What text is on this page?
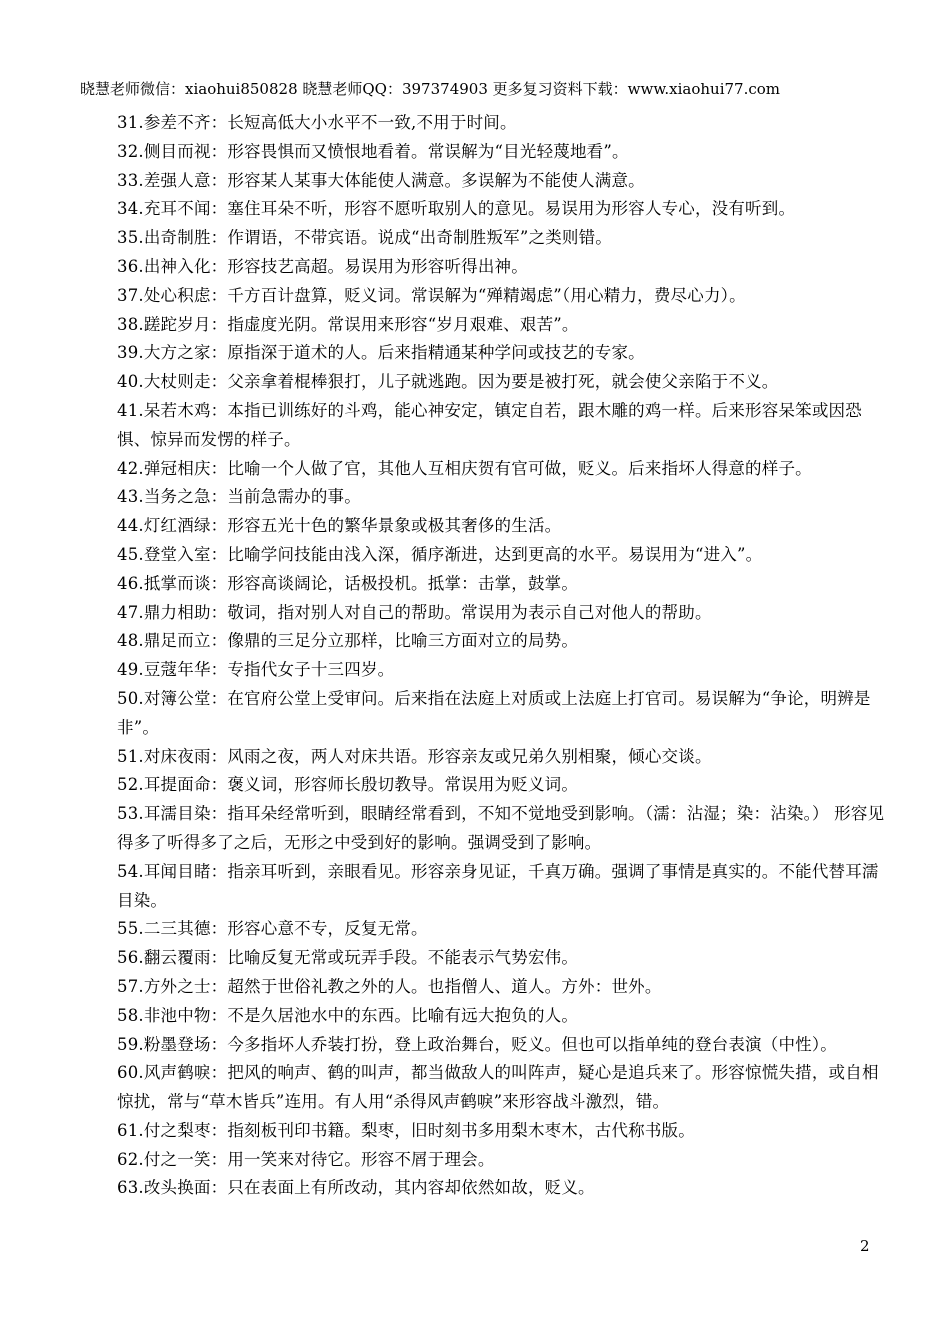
晓慧老师微信：xiaohui850828 晓慧老师QQ：397374903 更多复习资料下载：www.xiaohui77.com
31.参差不齐：长短高低大小水平不一致,不用于时间。
32.侧目而视：形容畏惧而又愤恨地看着。常误解为“目光轻蔑地看”。
33.差强人意：形容某人某事大体能使人满意。多误解为不能使人满意。
34.充耳不闻：塞住耳朵不听，形容不愿听取别人的意见。易误用为形容人专心，没有听到。
35.出奇制胜：作谓语，不带宾语。说成“出奇制胜叛军”之类则错。
36.出神入化：形容技艺高超。易误用为形容听得出神。
37.处心积虑：千方百计盘算，贬义词。常误解为“殚精竭虑”（用心精力，费尽心力）。
38.蹉跎岁月：指虚度光阴。常误用来形容“岁月艰难、艰苦”。
39.大方之家：原指深于道术的人。后来指精通某种学问或技艺的专家。
40.大杖则走：父亲拿着棍棒狠打，儿子就逃跑。因为要是被打死，就会使父亲陷于不义。
41.呆若木鸡：本指已训练好的斗鸡，能心神安定，镇定自若，跟木雕的鸡一样。后来形容呆笨或因恐惧、惊异而发愣的样子。
42.弹冠相庆：比喻一个人做了官，其他人互相庆贺有官可做，贬义。后来指坏人得意的样子。
43.当务之急：当前急需办的事。
44.灯红酒绿：形容五光十色的繁华景象或极其奢侈的生活。
45.登堂入室：比喻学问技能由浅入深，循序渐进，达到更高的水平。易误用为“进入”。
46.抵掌而谈：形容高谈阔论，话极投机。抵掌：击掌，鼓掌。
47.鼎力相助：敬词，指对别人对自己的帮助。常误用为表示自己对他人的帮助。
48.鼎足而立：像鼎的三足分立那样，比喻三方面对立的局势。
49.豆蔻年华：专指代女子十三四岁。
50.对簿公堂：在官府公堂上受审问。后来指在法庭上对质或上法庭上打官司。易误解为“争论，明辨是非”。
51.对床夜雨：风雨之夜，两人对床共语。形容亲友或兄弟久别相聚，倾心交谈。
52.耳提面命：褒义词，形容师长殷切教导。常误用为贬义词。
53.耳濡目染：指耳朵经常听到，眼睛经常看到，不知不觉地受到影响。（濡：沾湿；染：沾染。） 形容见得多了听得多了之后，无形之中受到好的影响。强调受到了影响。
54.耳闻目睹：指亲耳听到，亲眼看见。形容亲身见证，千真万确。强调了事情是真实的。不能代替耳濡目染。
55.二三其德：形容心意不专，反复无常。
56.翻云覆雨：比喻反复无常或玩弄手段。不能表示气势宏伟。
57.方外之士：超然于世俗礼教之外的人。也指僧人、道人。方外：世外。
58.非池中物：不是久居池水中的东西。比喻有远大抱负的人。
59.粉墨登场：今多指坏人乔装打扮，登上政治舞台，贬义。但也可以指单纯的登台表演（中性）。
60.风声鹤唳：把风的响声、鹤的叫声，都当做敌人的叫阵声，疑心是追兵来了。形容惊慌失措，或自相惊扰，常与“草木皆兵”连用。有人用“杀得风声鹤唳”来形容战斗激烈，错。
61.付之梨枣：指刻板刊印书籍。梨枣，旧时刻书多用梨木枣木，古代称书版。
62.付之一笑：用一笑来对待它。形容不屑于理会。
63.改头换面：只在表面上有所改动，其内容却依然如故，贬义。
2
